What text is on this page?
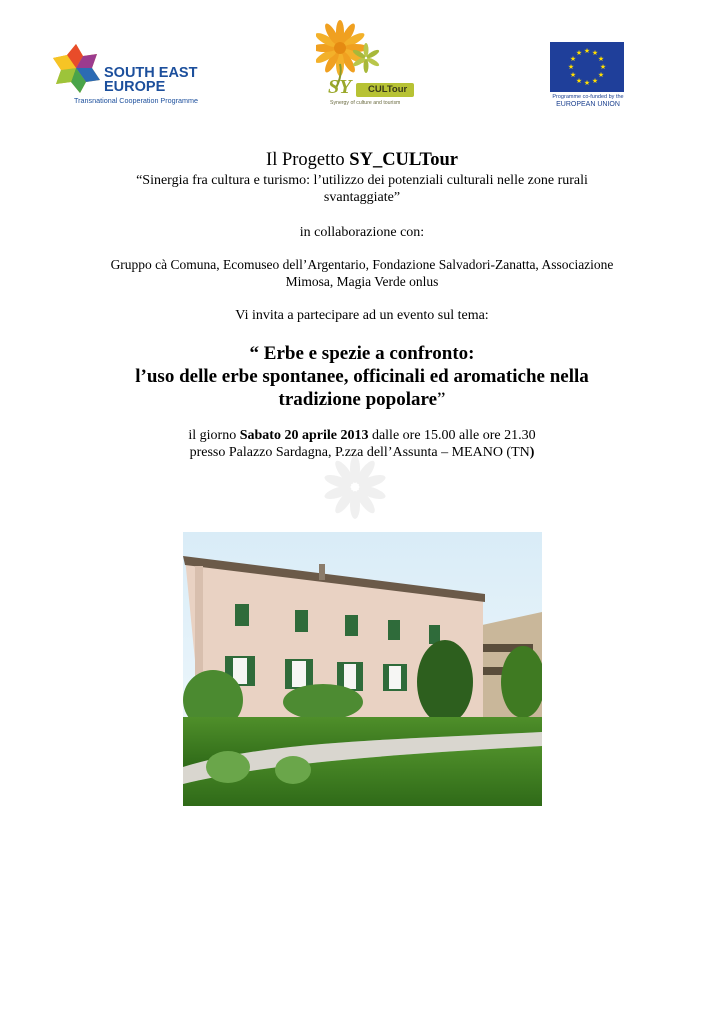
SOUTH EAST
EUROPE
Transnational Cooperation Programme
SY CULTour
Synergy of culture and tourism
★ ★
★
★
★
★
★
★
★
★
★
★
Programme co-funded by the
EUROPEAN UNION
Il Progetto SY_CULTour
“Sinergia fra cultura e turismo: l’utilizzo dei potenziali culturali nelle zone rurali
svantaggiate”
in collaborazione con:
Gruppo cà Comuna, Ecomuseo dell’Argentario, Fondazione Salvadori-Zanatta, Associazione
Mimosa, Magia Verde onlus
Vi invita a partecipare ad un evento sul tema:
“ Erbe e spezie a confronto:
l’uso delle erbe spontanee, officinali ed aromatiche nella
tradizione popolare”
il giorno Sabato 20 aprile 2013 dalle ore 15.00 alle ore 21.30
presso Palazzo Sardagna, P.zza dell’Assunta – MEANO (TN)
